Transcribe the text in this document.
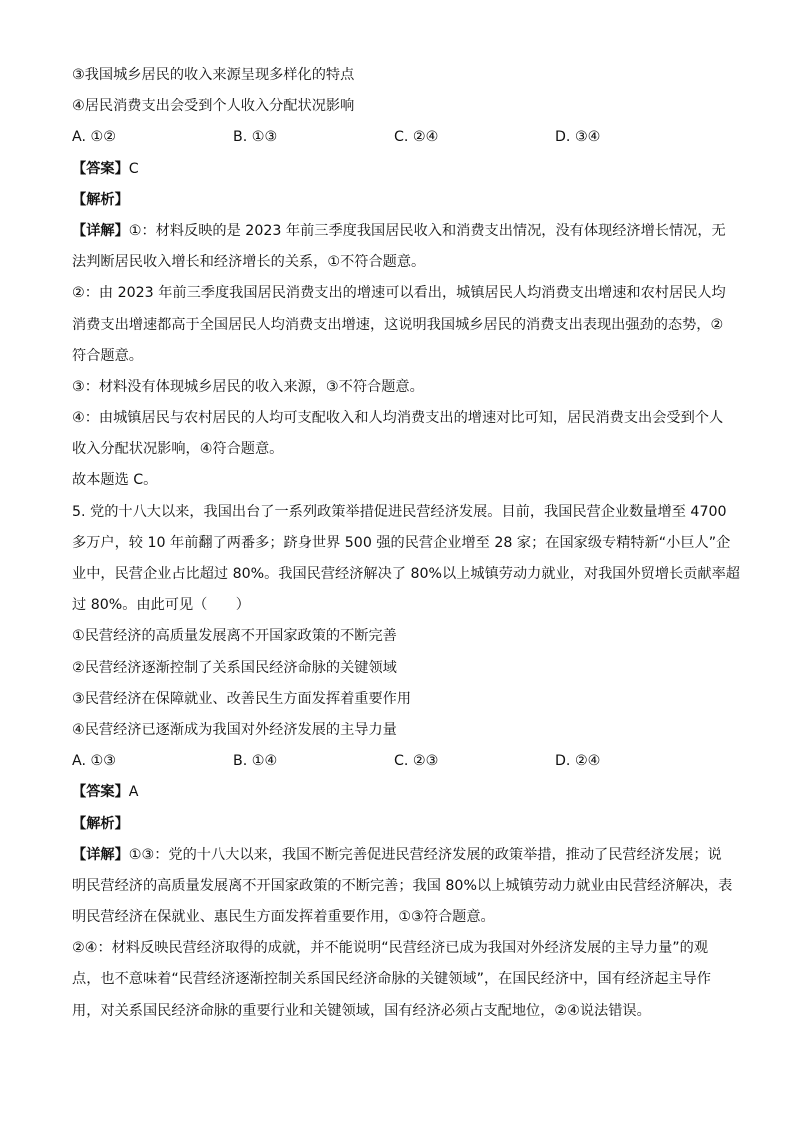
③我国城乡居民的收入来源呈现多样化的特点
④居民消费支出会受到个人收入分配状况影响
A. ①②	B. ①③	C. ②④	D. ③④
【答案】C
【解析】
【详解】①：材料反映的是 2023 年前三季度我国居民收入和消费支出情况，没有体现经济增长情况，无
法判断居民收入增长和经济增长的关系，①不符合题意。
②：由 2023 年前三季度我国居民消费支出的增速可以看出，城镇居民人均消费支出增速和农村居民人均
消费支出增速都高于全国居民人均消费支出增速，这说明我国城乡居民的消费支出表现出强劲的态势，②
符合题意。
③：材料没有体现城乡居民的收入来源，③不符合题意。
④：由城镇居民与农村居民的人均可支配收入和人均消费支出的增速对比可知，居民消费支出会受到个人
收入分配状况影响，④符合题意。
故本题选 C。
5. 党的十八大以来，我国出台了一系列政策举措促进民营经济发展。目前，我国民营企业数量增至 4700
多万户，较 10 年前翻了两番多；跻身世界 500 强的民营企业增至 28 家；在国家级专精特新“小巨人”企
业中，民营企业占比超过 80%。我国民营经济解决了 80%以上城镇劳动力就业，对我国外贸增长贡献率超
过 80%。由此可见（　　）
①民营经济的高质量发展离不开国家政策的不断完善
②民营经济逐渐控制了关系国民经济命脉的关键领域
③民营经济在保障就业、改善民生方面发挥着重要作用
④民营经济已逐渐成为我国对外经济发展的主导力量
A. ①③	B. ①④	C. ②③	D. ②④
【答案】A
【解析】
【详解】①③：党的十八大以来，我国不断完善促进民营经济发展的政策举措，推动了民营经济发展；说
明民营经济的高质量发展离不开国家政策的不断完善；我国 80%以上城镇劳动力就业由民营经济解决，表
明民营经济在保就业、惠民生方面发挥着重要作用，①③符合题意。
②④：材料反映民营经济取得的成就，并不能说明“民营经济已成为我国对外经济发展的主导力量”的观
点，也不意味着“民营经济逐渐控制关系国民经济命脉的关键领域”，在国民经济中，国有经济起主导作
用，对关系国民经济命脉的重要行业和关键领域，国有经济必须占支配地位，②④说法错误。
